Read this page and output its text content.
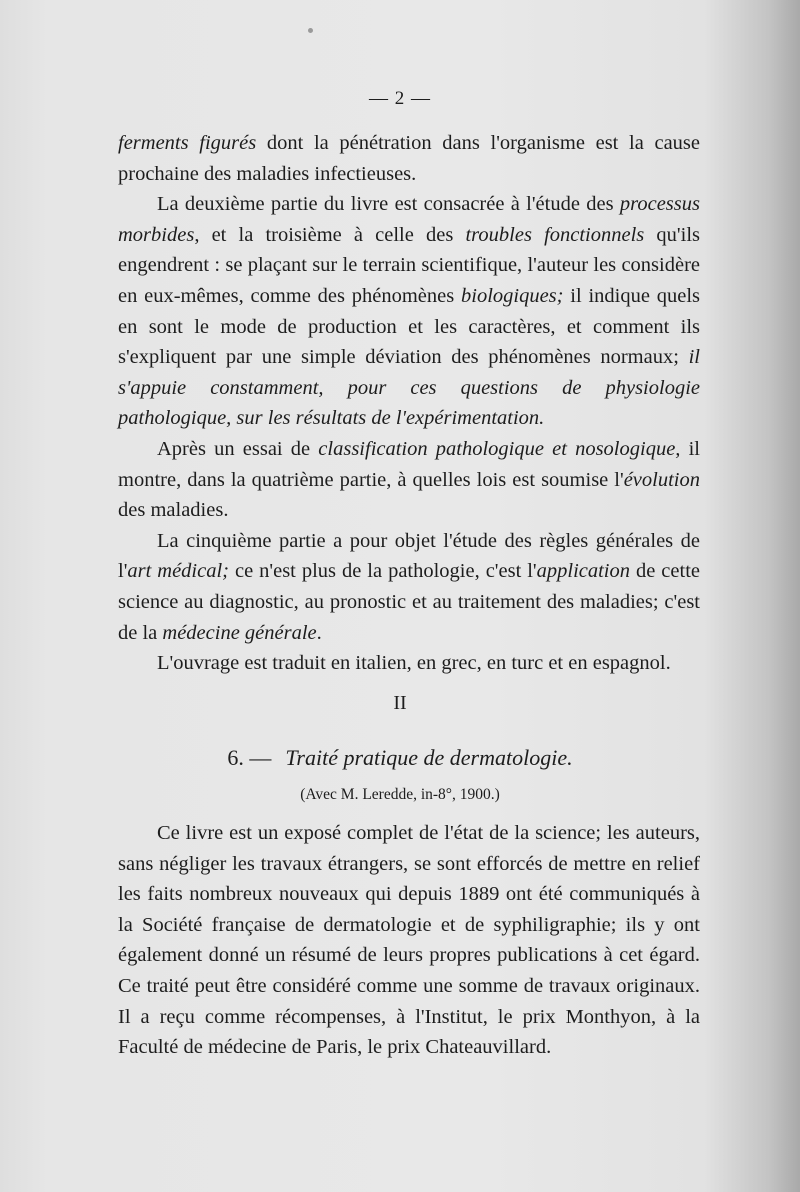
— 2 —

ferments figurés dont la pénétration dans l'organisme est la cause prochaine des maladies infectieuses.

La deuxième partie du livre est consacrée à l'étude des processus morbides, et la troisième à celle des troubles fonctionnels qu'ils engendrent : se plaçant sur le terrain scientifique, l'auteur les considère en eux-mêmes, comme des phénomènes biologiques; il indique quels en sont le mode de production et les caractères, et comment ils s'expliquent par une simple déviation des phénomènes normaux; il s'appuie constamment, pour ces questions de physiologie pathologique, sur les résultats de l'expérimentation.

Après un essai de classification pathologique et nosologique, il montre, dans la quatrième partie, à quelles lois est soumise l'évolution des maladies.

La cinquième partie a pour objet l'étude des règles générales de l'art médical; ce n'est plus de la pathologie, c'est l'application de cette science au diagnostic, au pronostic et au traitement des maladies; c'est de la médecine générale.

L'ouvrage est traduit en italien, en grec, en turc et en espagnol.

II
6. — Traité pratique de dermatologie.
(Avec M. Leredde, in-8°, 1900.)

Ce livre est un exposé complet de l'état de la science; les auteurs, sans négliger les travaux étrangers, se sont efforcés de mettre en relief les faits nombreux nouveaux qui depuis 1889 ont été communiqués à la Société française de dermatologie et de syphiligraphie; ils y ont également donné un résumé de leurs propres publications à cet égard. Ce traité peut être considéré comme une somme de travaux originaux. Il a reçu comme récompenses, à l'Institut, le prix Monthyon, à la Faculté de médecine de Paris, le prix Chateauvillard.
